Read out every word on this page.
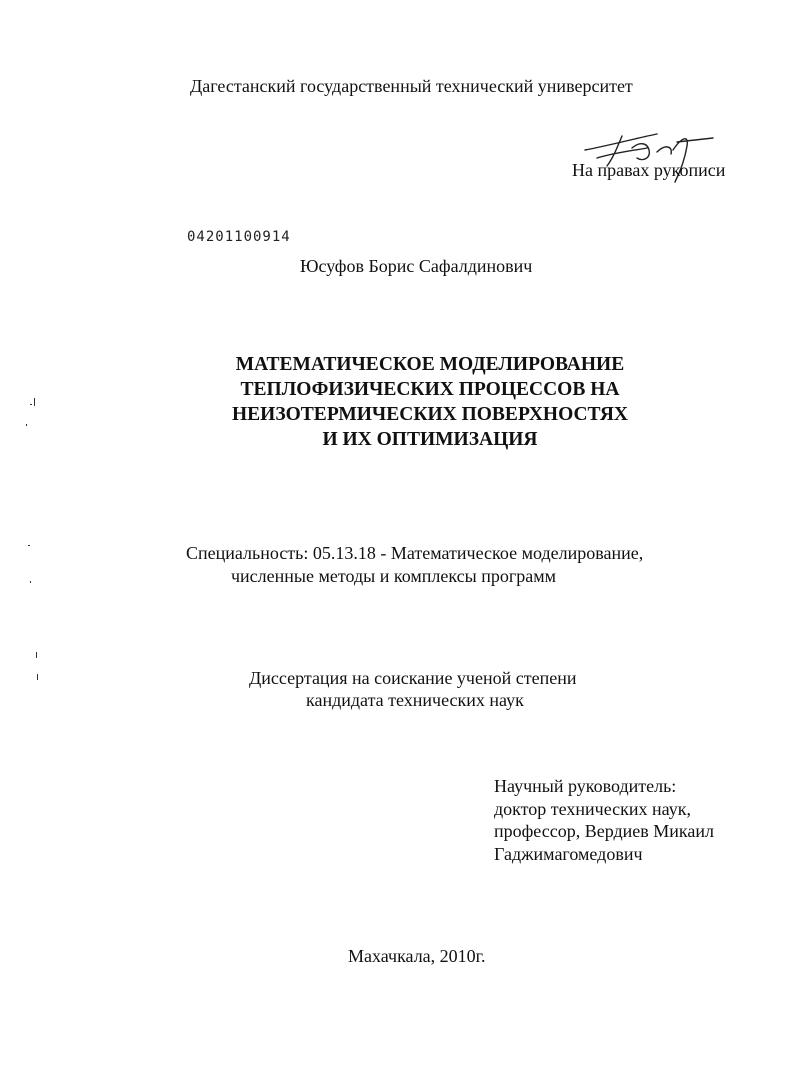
Дагестанский государственный технический университет
На правах рукописи
04201100914
Юсуфов Борис Сафалдинович
МАТЕМАТИЧЕСКОЕ МОДЕЛИРОВАНИЕ
ТЕПЛОФИЗИЧЕСКИХ ПРОЦЕССОВ НА
НЕИЗОТЕРМИЧЕСКИХ ПОВЕРХНОСТЯХ
И ИХ ОПТИМИЗАЦИЯ
Специальность: 05.13.18 - Математическое моделирование,
численные методы и комплексы программ
Диссертация на соискание ученой степени
кандидата технических наук
Научный руководитель:
доктор технических наук,
профессор, Вердиев Микаил
Гаджимагомедович
Махачкала, 2010г.
